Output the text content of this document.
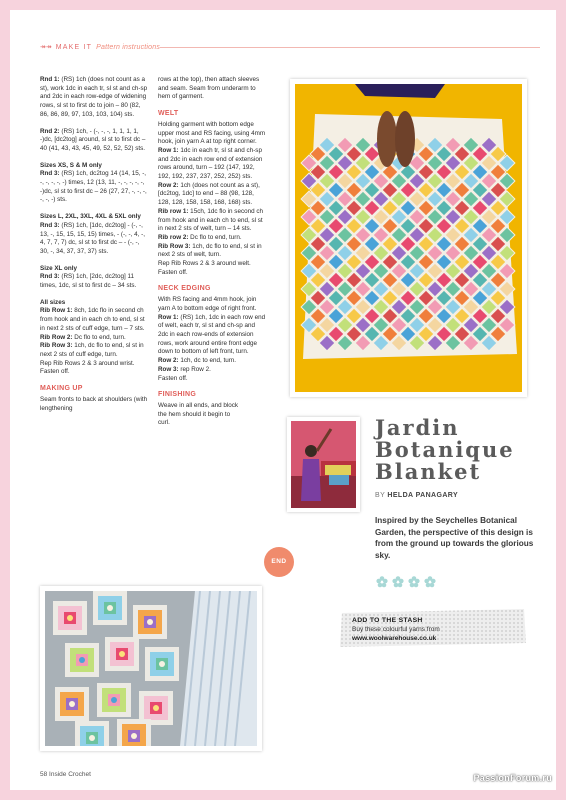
↠↠ MAKE IT Pattern instructions

Rnd 1: (RS) 1ch (does not count as a st), work 1dc in each tr, sl st and ch-sp and 2dc in each row-edge of widening rows, sl st to first dc to join – 80 (82, 86, 86, 89, 97, 103, 103, 104) sts.

Rnd 2: (RS) 1ch, - (-, -, -, 1, 1, 1, 1, -)dc, [dc2tog] around, sl st to first dc – 40 (41, 43, 43, 45, 49, 52, 52, 52) sts.

Sizes XS, S & M only
Rnd 3: (RS) 1ch, dc2tog 14 (14, 15, -, -, -, -, -, -) times, 12 (13, 11, -, -, -, -, -, -)dc, sl st to first dc – 26 (27, 27, -, -, -, -, -, -) sts.

Sizes L, 2XL, 3XL, 4XL & 5XL only
Rnd 3: (RS) 1ch, [1dc, dc2tog] - (-, -, 13, -, 15, 15, 15, 15) times, - (-, -, 4, -, 4, 7, 7, 7) dc, sl st to first dc – - (-, -, 30, -, 34, 37, 37, 37) sts.

Size XL only
Rnd 3: (RS) 1ch, [2dc, dc2tog] 11 times, 1dc, sl st to first dc – 34 sts.

All sizes
Rib Row 1: 8ch, 1dc flo in second ch from hook and in each ch to end, sl st in next 2 sts of cuff edge, turn – 7 sts.
Rib Row 2: Dc flo to end, turn.
Rib Row 3: 1ch, dc flo to end, sl st in next 2 sts of cuff edge, turn.
Rep Rib Rows 2 & 3 around wrist.
Fasten off.

MAKING UP

Seam fronts to back at shoulders (with lengthening

rows at the top), then attach sleeves and seam. Seam from underarm to hem of garment.

WELT

Holding garment with bottom edge upper most and RS facing, using 4mm hook, join yarn A at top right corner.
Row 1: 1dc in each tr, sl st and ch-sp and 2dc in each row end of extension rows around, turn – 192 (147, 192, 192, 192, 237, 237, 252, 252) sts.
Row 2: 1ch (does not count as a st), [dc2tog, 1dc] to end – 88 (98, 128, 128, 128, 158, 158, 168, 168) sts.
Rib row 1: 15ch, 1dc flo in second ch from hook and in each ch to end, sl st in next 2 sts of welt, turn – 14 sts.
Rib row 2: Dc flo to end, turn.
Rib Row 3: 1ch, dc flo to end, sl st in next 2 sts of welt, turn.
Rep Rib Rows 2 & 3 around welt.
Fasten off.

NECK EDGING

With RS facing and 4mm hook, join yarn A to bottom edge of right front.
Row 1: (RS) 1ch, 1dc in each row end of welt, each tr, sl st and ch-sp and 2dc in each row-ends of extension rows, work around entire front edge down to bottom of left front, turn.
Row 2: 1ch, dc to end, turn.
Row 3: rep Row 2.
Fasten off.

FINISHING

Weave in all ends, and block the hem should it begin to curl.

END
Jardin
Botanique
Blanket
BY HELDA PANAGARY
Inspired by the Seychelles Botanical Garden, the perspective of this design is from the ground up towards the glorious sky.
ADD TO THE STASH
Buy these colourful yarns from
www.woolwarehouse.co.uk
58 Inside Crochet	PassionForum.ru
